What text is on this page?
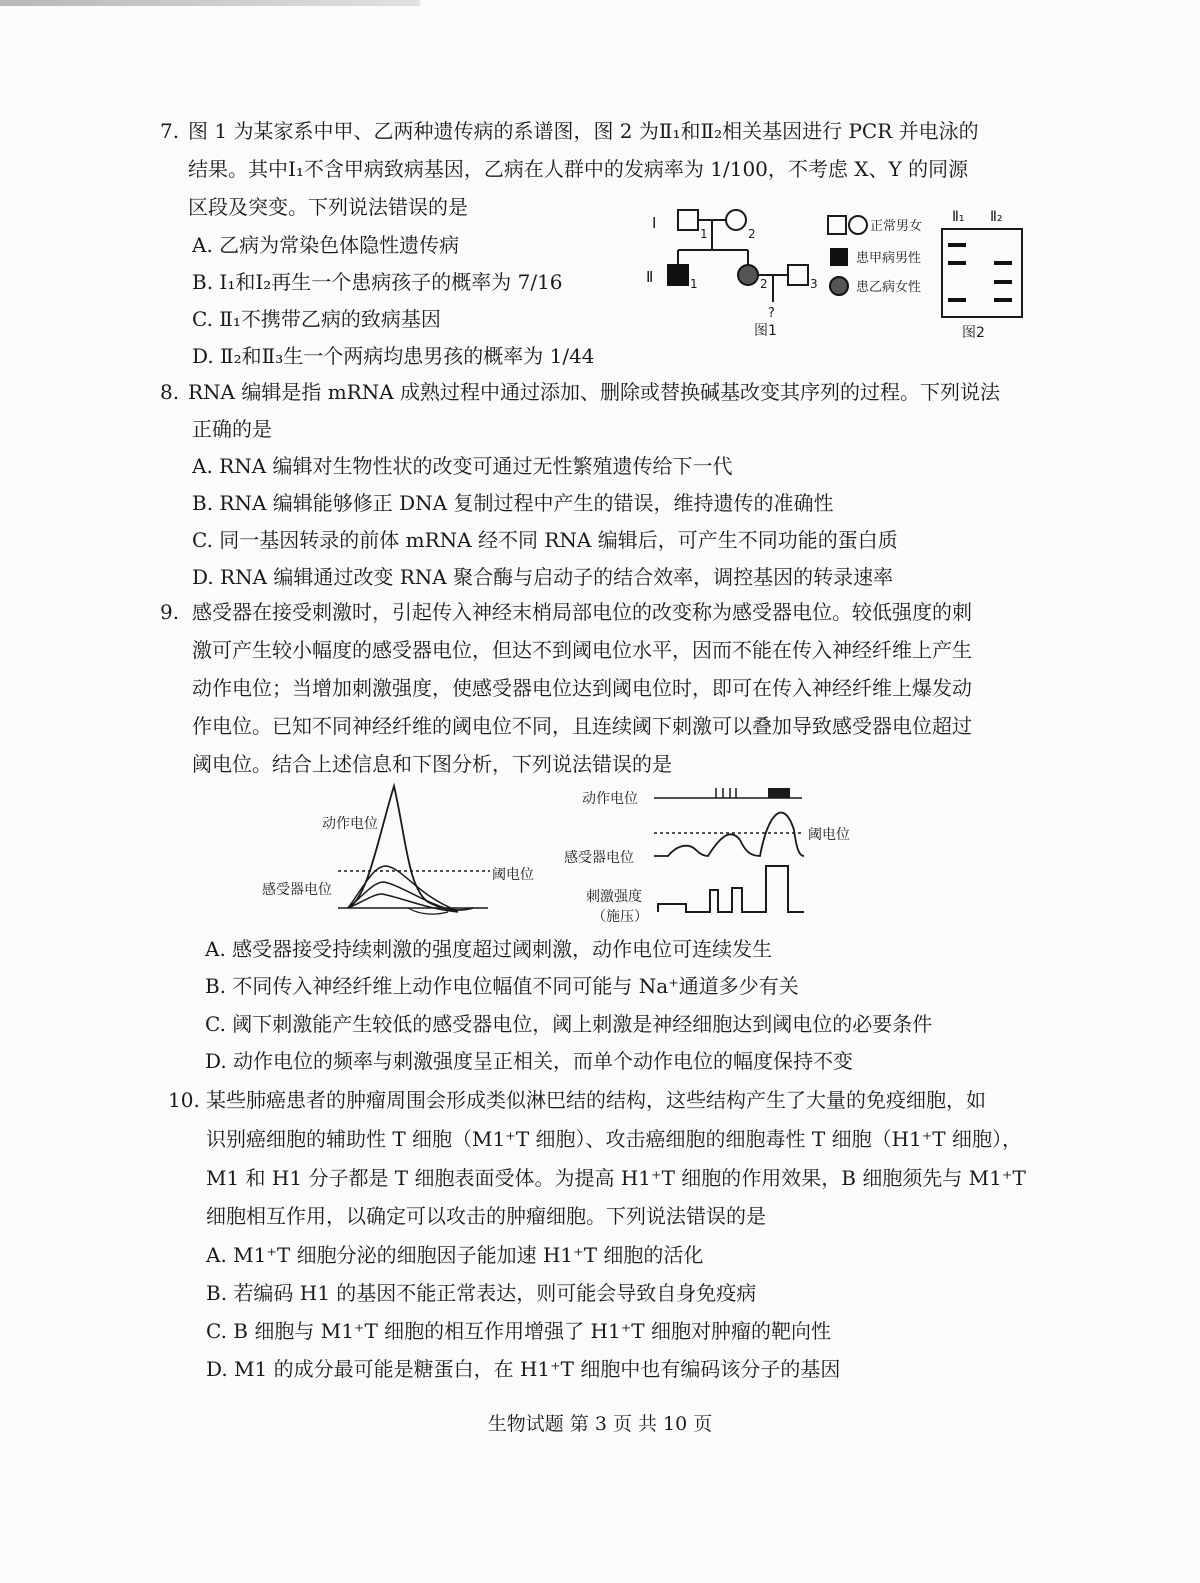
7. 图 1 为某家系中甲、乙两种遗传病的系谱图，图 2 为Ⅱ₁和Ⅱ₂相关基因进行 PCR 并电泳的
结果。其中Ⅰ₁不含甲病致病基因，乙病在人群中的发病率为 1/100，不考虑 X、Y 的同源
区段及突变。下列说法错误的是
A. 乙病为常染色体隐性遗传病
B. Ⅰ₁和Ⅰ₂再生一个患病孩子的概率为 7/16
C. Ⅱ₁不携带乙病的致病基因
D. Ⅱ₂和Ⅱ₃生一个两病均患男孩的概率为 1/44
Ⅰ
1	2
Ⅱ	1	2	3
?
图1
正常男女
患甲病男性
患乙病女性
Ⅱ₁ Ⅱ₂
图2
8. RNA 编辑是指 mRNA 成熟过程中通过添加、删除或替换碱基改变其序列的过程。下列说法
正确的是
A. RNA 编辑对生物性状的改变可通过无性繁殖遗传给下一代
B. RNA 编辑能够修正 DNA 复制过程中产生的错误，维持遗传的准确性
C. 同一基因转录的前体 mRNA 经不同 RNA 编辑后，可产生不同功能的蛋白质
D. RNA 编辑通过改变 RNA 聚合酶与启动子的结合效率，调控基因的转录速率
9. 感受器在接受刺激时，引起传入神经末梢局部电位的改变称为感受器电位。较低强度的刺
激可产生较小幅度的感受器电位，但达不到阈电位水平，因而不能在传入神经纤维上产生
动作电位；当增加刺激强度，使感受器电位达到阈电位时，即可在传入神经纤维上爆发动
作电位。已知不同神经纤维的阈电位不同，且连续阈下刺激可以叠加导致感受器电位超过
阈电位。结合上述信息和下图分析，下列说法错误的是
动作电位
感受器电位
阈电位
动作电位
感受器电位
阈电位
刺激强度
（施压）
A. 感受器接受持续刺激的强度超过阈刺激，动作电位可连续发生
B. 不同传入神经纤维上动作电位幅值不同可能与 Na⁺通道多少有关
C. 阈下刺激能产生较低的感受器电位，阈上刺激是神经细胞达到阈电位的必要条件
D. 动作电位的频率与刺激强度呈正相关，而单个动作电位的幅度保持不变
10. 某些肺癌患者的肿瘤周围会形成类似淋巴结的结构，这些结构产生了大量的免疫细胞，如
识别癌细胞的辅助性 T 细胞（M1⁺T 细胞）、攻击癌细胞的细胞毒性 T 细胞（H1⁺T 细胞），
M1 和 H1 分子都是 T 细胞表面受体。为提高 H1⁺T 细胞的作用效果，B 细胞须先与 M1⁺T
细胞相互作用，以确定可以攻击的肿瘤细胞。下列说法错误的是
A. M1⁺T 细胞分泌的细胞因子能加速 H1⁺T 细胞的活化
B. 若编码 H1 的基因不能正常表达，则可能会导致自身免疫病
C. B 细胞与 M1⁺T 细胞的相互作用增强了 H1⁺T 细胞对肿瘤的靶向性
D. M1 的成分最可能是糖蛋白，在 H1⁺T 细胞中也有编码该分子的基因
生物试题 第 3 页 共 10 页
